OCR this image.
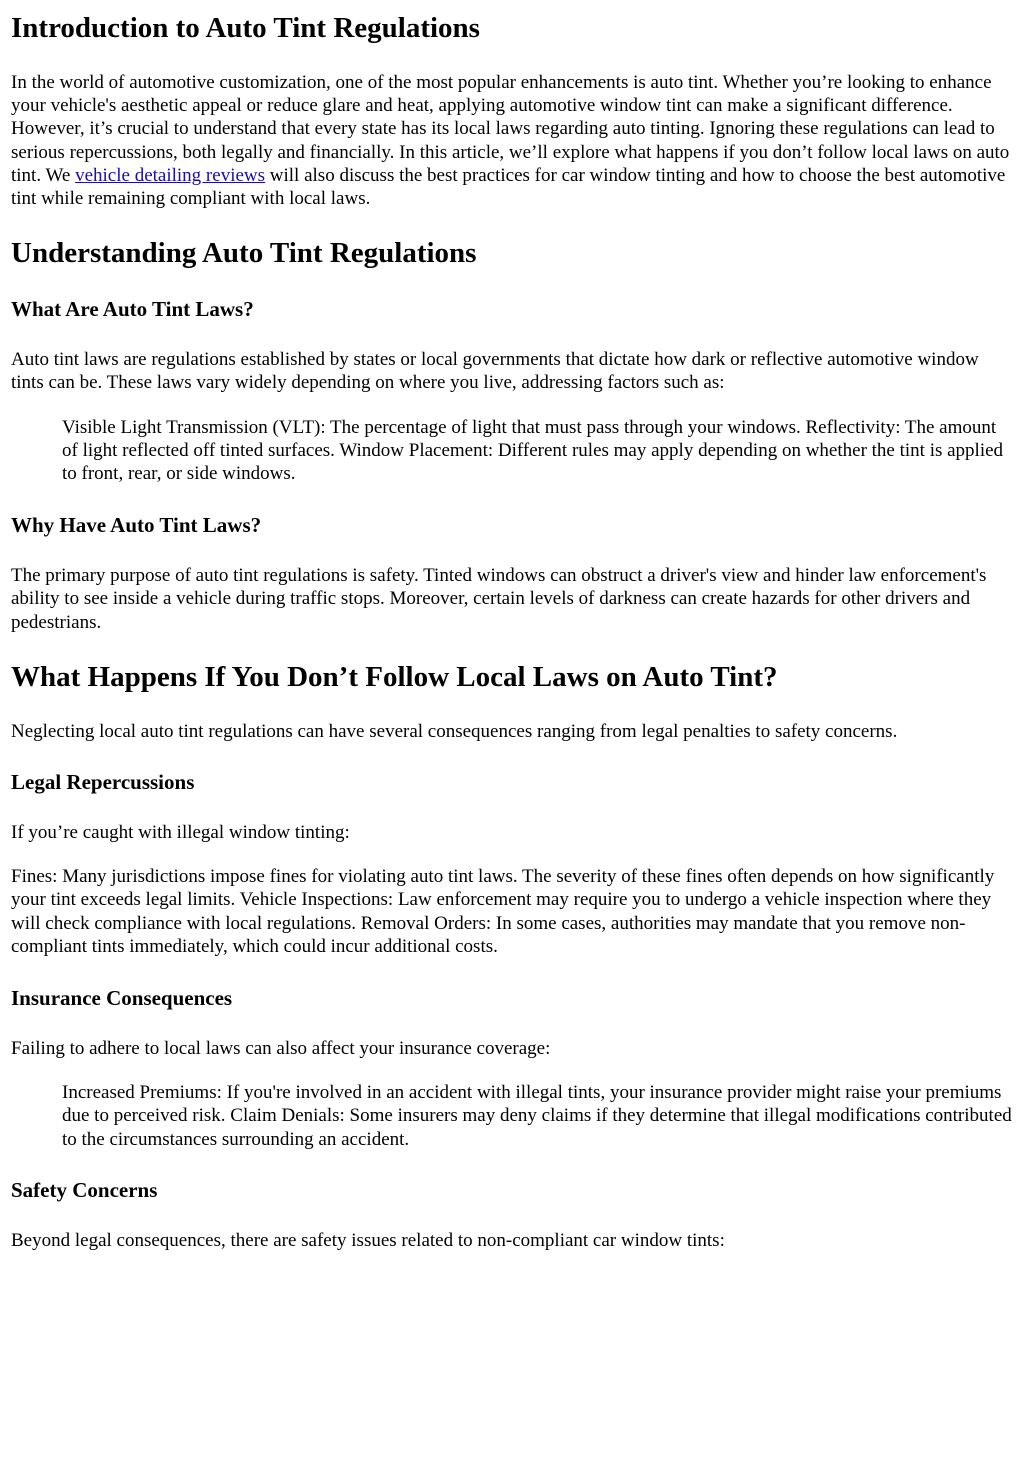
Introduction to Auto Tint Regulations

In the world of automotive customization, one of the most popular enhancements is auto tint. Whether you’re looking to enhance your vehicle's aesthetic appeal or reduce glare and heat, applying automotive window tint can make a significant difference. However, it’s crucial to understand that every state has its local laws regarding auto tinting. Ignoring these regulations can lead to serious repercussions, both legally and financially. In this article, we’ll explore what happens if you don’t follow local laws on auto tint. We vehicle detailing reviews will also discuss the best practices for car window tinting and how to choose the best automotive tint while remaining compliant with local laws.

Understanding Auto Tint Regulations
What Are Auto Tint Laws?

Auto tint laws are regulations established by states or local governments that dictate how dark or reflective automotive window tints can be. These laws vary widely depending on where you live, addressing factors such as:

Visible Light Transmission (VLT): The percentage of light that must pass through your windows. Reflectivity: The amount of light reflected off tinted surfaces. Window Placement: Different rules may apply depending on whether the tint is applied to front, rear, or side windows.
Why Have Auto Tint Laws?

The primary purpose of auto tint regulations is safety. Tinted windows can obstruct a driver's view and hinder law enforcement's ability to see inside a vehicle during traffic stops. Moreover, certain levels of darkness can create hazards for other drivers and pedestrians.

What Happens If You Don’t Follow Local Laws on Auto Tint?

Neglecting local auto tint regulations can have several consequences ranging from legal penalties to safety concerns.

Legal Repercussions

If you’re caught with illegal window tinting:

Fines: Many jurisdictions impose fines for violating auto tint laws. The severity of these fines often depends on how significantly your tint exceeds legal limits. Vehicle Inspections: Law enforcement may require you to undergo a vehicle inspection where they will check compliance with local regulations. Removal Orders: In some cases, authorities may mandate that you remove non-compliant tints immediately, which could incur additional costs.

Insurance Consequences

Failing to adhere to local laws can also affect your insurance coverage:

Increased Premiums: If you're involved in an accident with illegal tints, your insurance provider might raise your premiums due to perceived risk. Claim Denials: Some insurers may deny claims if they determine that illegal modifications contributed to the circumstances surrounding an accident.
Safety Concerns

Beyond legal consequences, there are safety issues related to non-compliant car window tints:
